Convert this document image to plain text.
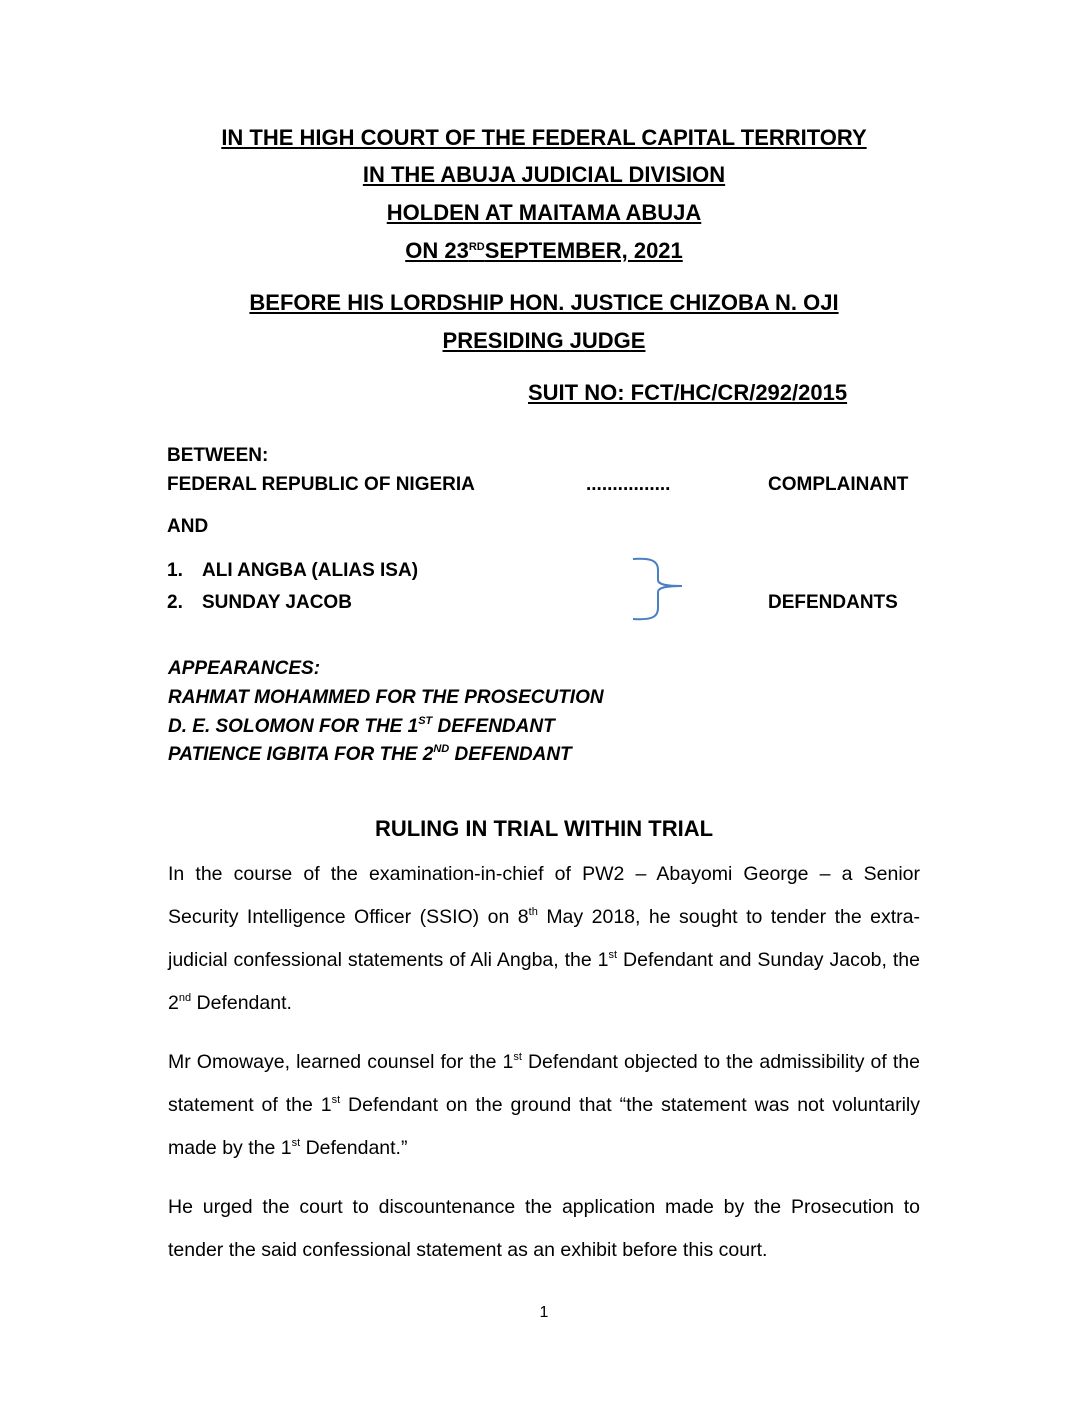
IN THE HIGH COURT OF THE FEDERAL CAPITAL TERRITORY
IN THE ABUJA JUDICIAL DIVISION
HOLDEN AT MAITAMA ABUJA
ON 23RDSEPTEMBER, 2021
BEFORE HIS LORDSHIP HON. JUSTICE CHIZOBA N. OJI
PRESIDING JUDGE
SUIT NO: FCT/HC/CR/292/2015
BETWEEN:
FEDERAL REPUBLIC OF NIGERIA	................	COMPLAINANT
AND
1. ALI ANGBA (ALIAS ISA)
2. SUNDAY JACOB	DEFENDANTS
APPEARANCES:
RAHMAT MOHAMMED FOR THE PROSECUTION
D. E. SOLOMON FOR THE 1ST DEFENDANT
PATIENCE IGBITA FOR THE 2ND DEFENDANT
RULING IN TRIAL WITHIN TRIAL
In the course of the examination-in-chief of PW2 – Abayomi George – a Senior Security Intelligence Officer (SSIO) on 8th May 2018, he sought to tender the extra-judicial confessional statements of Ali Angba, the 1st Defendant and Sunday Jacob, the 2nd Defendant.
Mr Omowaye, learned counsel for the 1st Defendant objected to the admissibility of the statement of the 1st Defendant on the ground that “the statement was not voluntarily made by the 1st Defendant.”
He urged the court to discountenance the application made by the Prosecution to tender the said confessional statement as an exhibit before this court.
1
